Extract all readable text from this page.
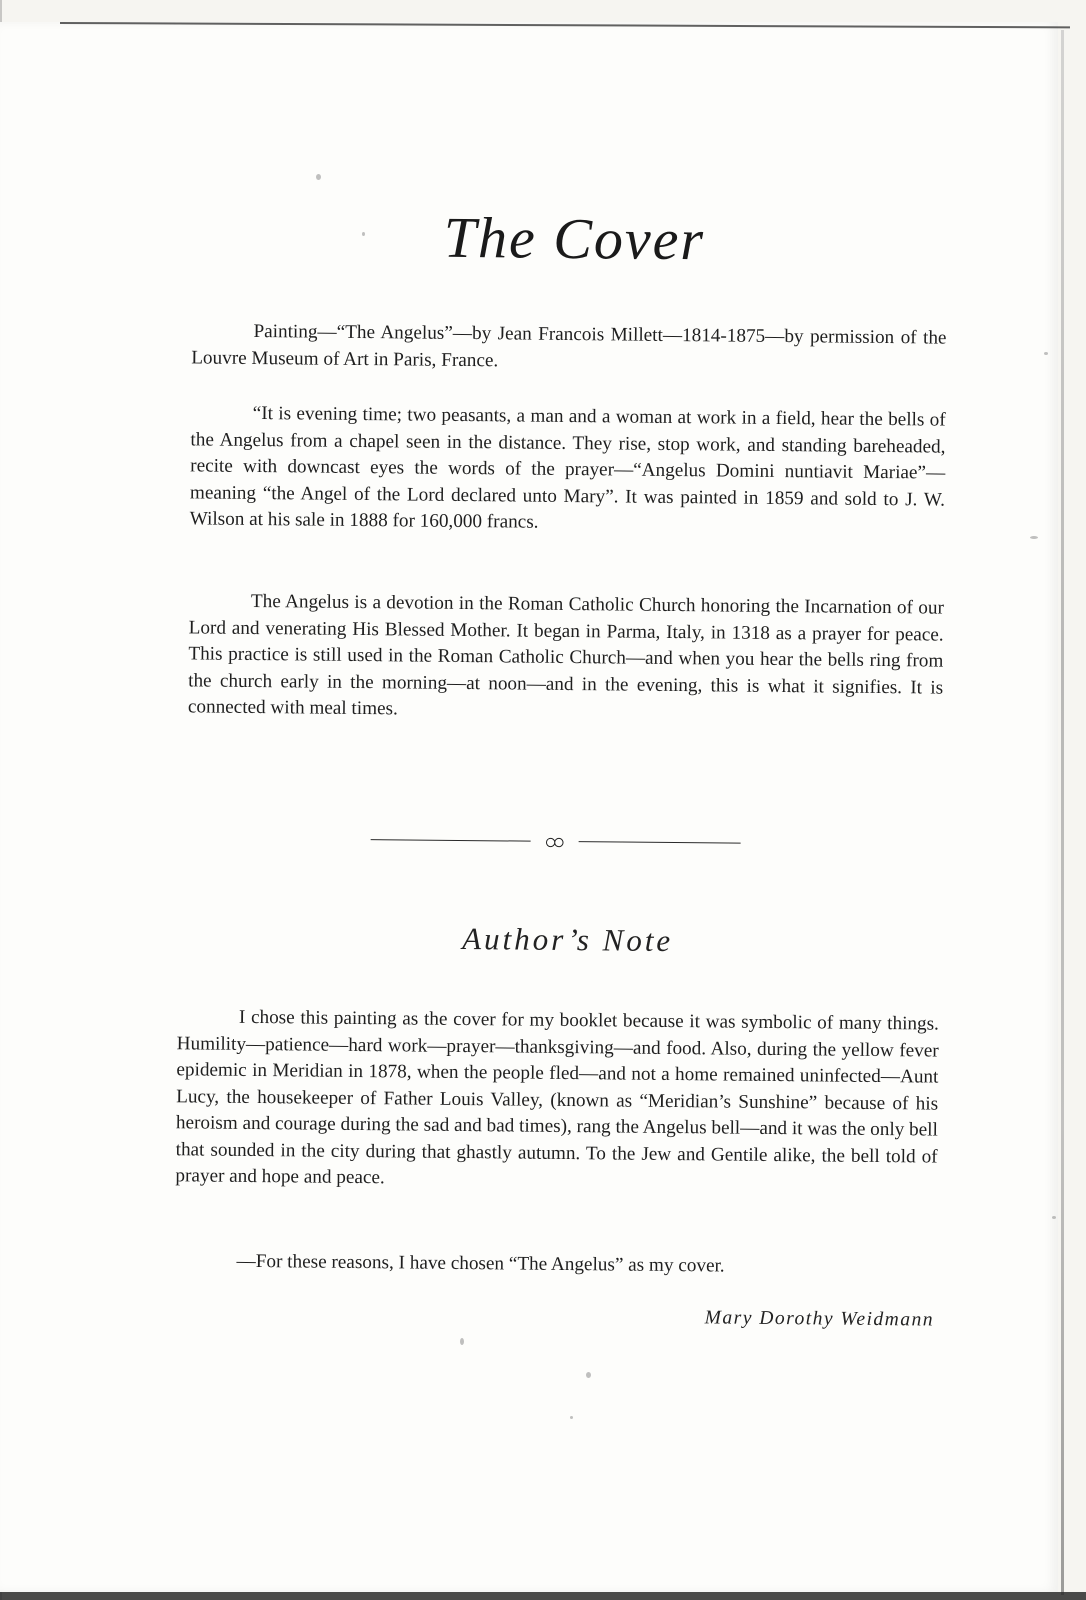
The Cover

Painting—“The Angelus”—by Jean Francois Millett—1814-1875—by permission of the Louvre Museum of Art in Paris, France.

“It is evening time; two peasants, a man and a woman at work in a field, hear the bells of the Angelus from a chapel seen in the distance. They rise, stop work, and standing bareheaded, recite with downcast eyes the words of the prayer—“Angelus Domini nuntiavit Mariae”—meaning “the Angel of the Lord declared unto Mary”. It was painted in 1859 and sold to J. W. Wilson at his sale in 1888 for 160,000 francs.

The Angelus is a devotion in the Roman Catholic Church honoring the Incarnation of our Lord and venerating His Blessed Mother. It began in Parma, Italy, in 1318 as a prayer for peace. This practice is still used in the Roman Catholic Church—and when you hear the bells ring from the church early in the morning—at noon—and in the evening, this is what it signifies. It is connected with meal times.

ထ
Author’s Note

I chose this painting as the cover for my booklet because it was symbolic of many things. Humility—patience—hard work—prayer—thanksgiving—and food. Also, during the yellow fever epidemic in Meridian in 1878, when the people fled—and not a home remained uninfected—Aunt Lucy, the housekeeper of Father Louis Valley, (known as “Meridian’s Sunshine” because of his heroism and courage during the sad and bad times), rang the Angelus bell—and it was the only bell that sounded in the city during that ghastly autumn. To the Jew and Gentile alike, the bell told of prayer and hope and peace.

—For these reasons, I have chosen “The Angelus” as my cover.

Mary Dorothy Weidmann
